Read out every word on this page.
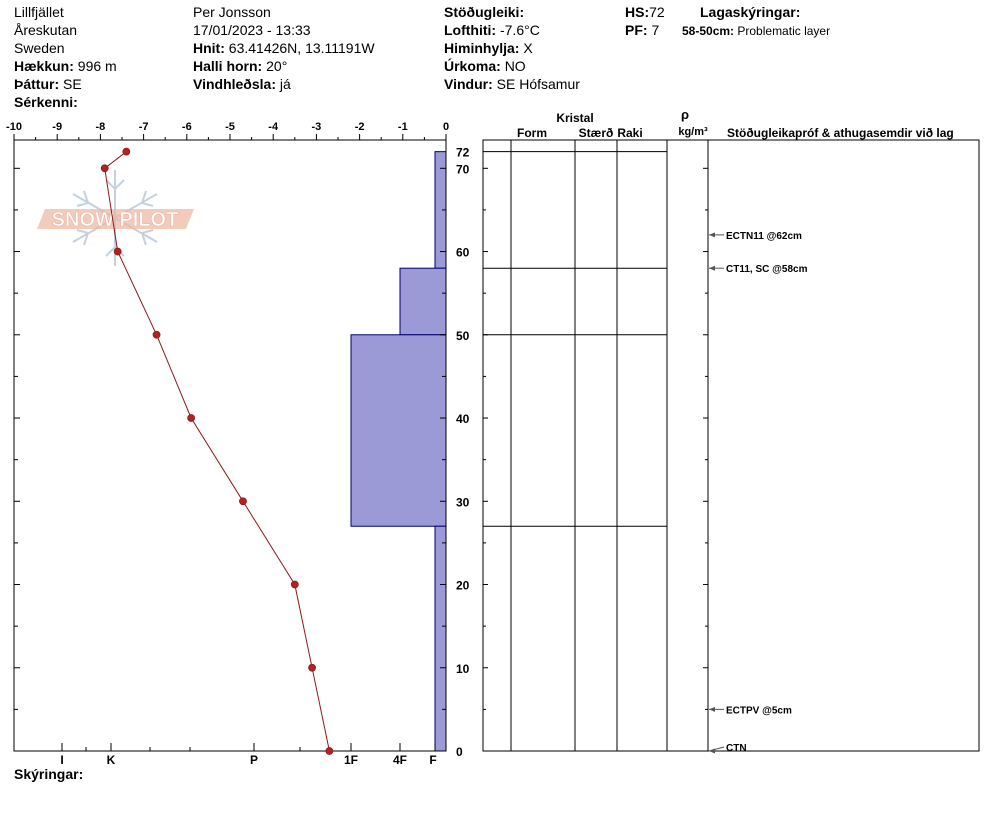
Lillfjället
Åreskutan
Sweden
Hækkun: 996 m
Þáttur: SE
Sérkenni:
Per Jonsson
17/01/2023 - 13:33
Hnit: 63.41426N, 13.11191W
Halli horn: 20°
Vindhleðsla: já
Stöðugleiki:
Lofthiti: -7.6°C
Himinhylja: X
Úrkoma: NO
Vindur: SE Hófsamur
HS:72
PF: 7
Lagaskýringar:
58-50cm: Problematic layer
Skýringar:
SNOW PILOT
-10	-9	-8	-7	-6	-5	-4	-3	-2	-1	0
0
10
20
30
40
50
60
70
72
I	K	P	1F	4F F
Kristal
Form	Stærð Raki
ρ
kg/m³ Stöðugleikapróf & athugasemdir við lag
ECTN11 @62cm
CT11, SC @58cm
ECTPV @5cm
CTN
